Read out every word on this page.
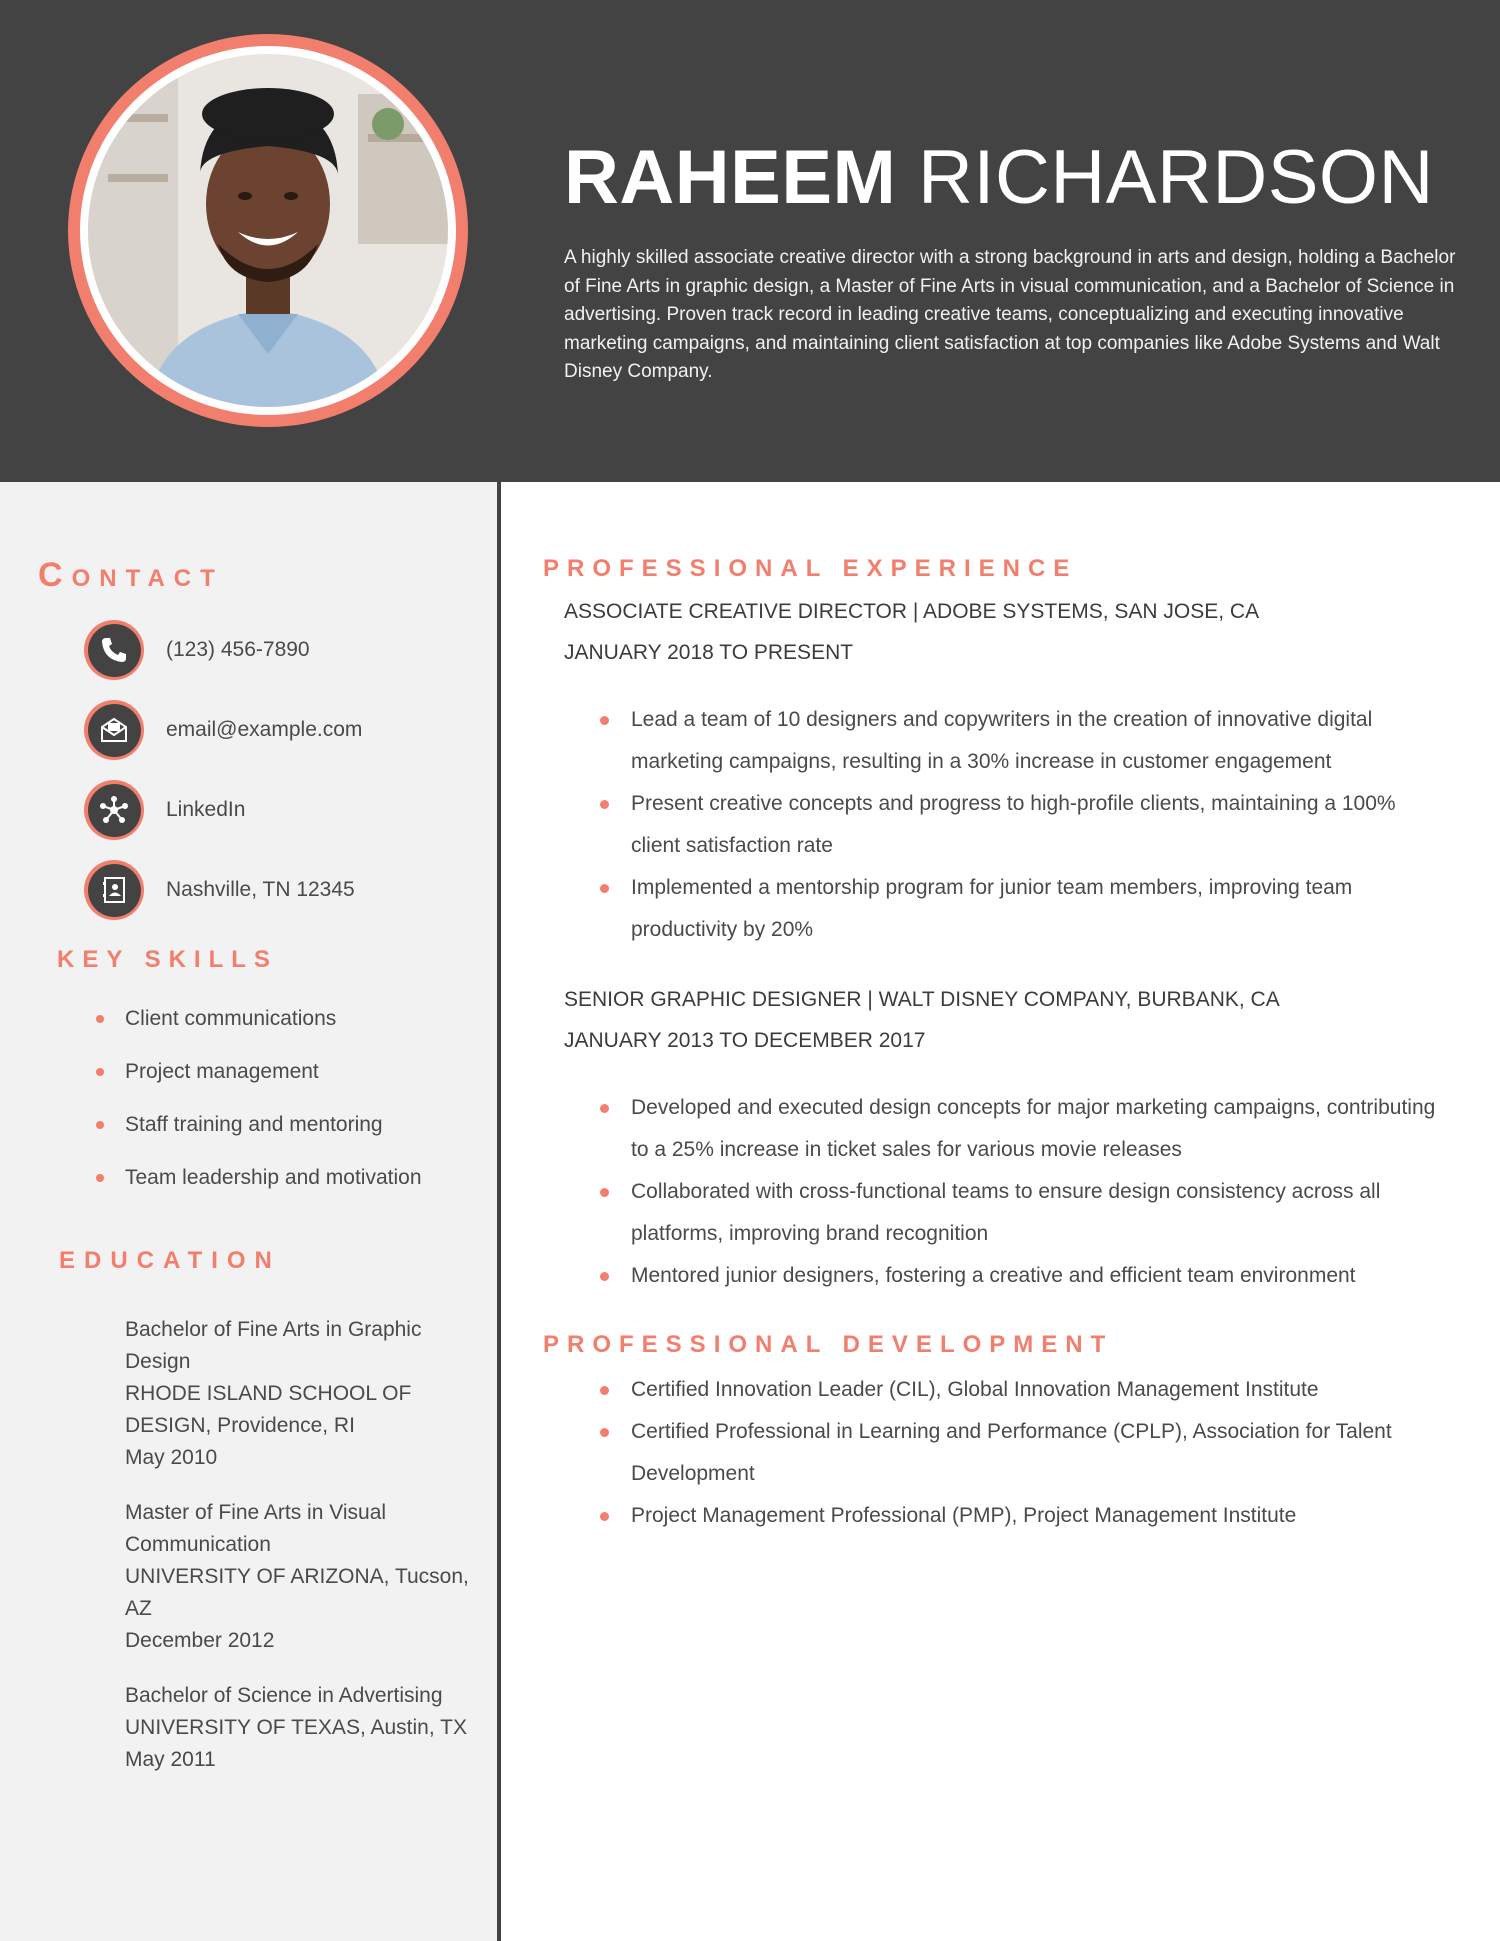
RAHEEM RICHARDSON
A highly skilled associate creative director with a strong background in arts and design, holding a Bachelor of Fine Arts in graphic design, a Master of Fine Arts in visual communication, and a Bachelor of Science in advertising. Proven track record in leading creative teams, conceptualizing and executing innovative marketing campaigns, and maintaining client satisfaction at top companies like Adobe Systems and Walt Disney Company.
CONTACT
(123) 456-7890
email@example.com
LinkedIn
Nashville, TN 12345
KEY SKILLS
Client communications
Project management
Staff training and mentoring
Team leadership and motivation
EDUCATION
Bachelor of Fine Arts in Graphic Design
RHODE ISLAND SCHOOL OF DESIGN, Providence, RI
May 2010
Master of Fine Arts in Visual Communication
UNIVERSITY OF ARIZONA, Tucson, AZ
December 2012
Bachelor of Science in Advertising
UNIVERSITY OF TEXAS, Austin, TX
May 2011
PROFESSIONAL EXPERIENCE
ASSOCIATE CREATIVE DIRECTOR | ADOBE SYSTEMS, SAN JOSE, CA
JANUARY 2018 TO PRESENT
Lead a team of 10 designers and copywriters in the creation of innovative digital marketing campaigns, resulting in a 30% increase in customer engagement
Present creative concepts and progress to high-profile clients, maintaining a 100% client satisfaction rate
Implemented a mentorship program for junior team members, improving team productivity by 20%
SENIOR GRAPHIC DESIGNER | WALT DISNEY COMPANY, BURBANK, CA
JANUARY 2013 TO DECEMBER 2017
Developed and executed design concepts for major marketing campaigns, contributing to a 25% increase in ticket sales for various movie releases
Collaborated with cross-functional teams to ensure design consistency across all platforms, improving brand recognition
Mentored junior designers, fostering a creative and efficient team environment
PROFESSIONAL DEVELOPMENT
Certified Innovation Leader (CIL), Global Innovation Management Institute
Certified Professional in Learning and Performance (CPLP), Association for Talent Development
Project Management Professional (PMP), Project Management Institute
